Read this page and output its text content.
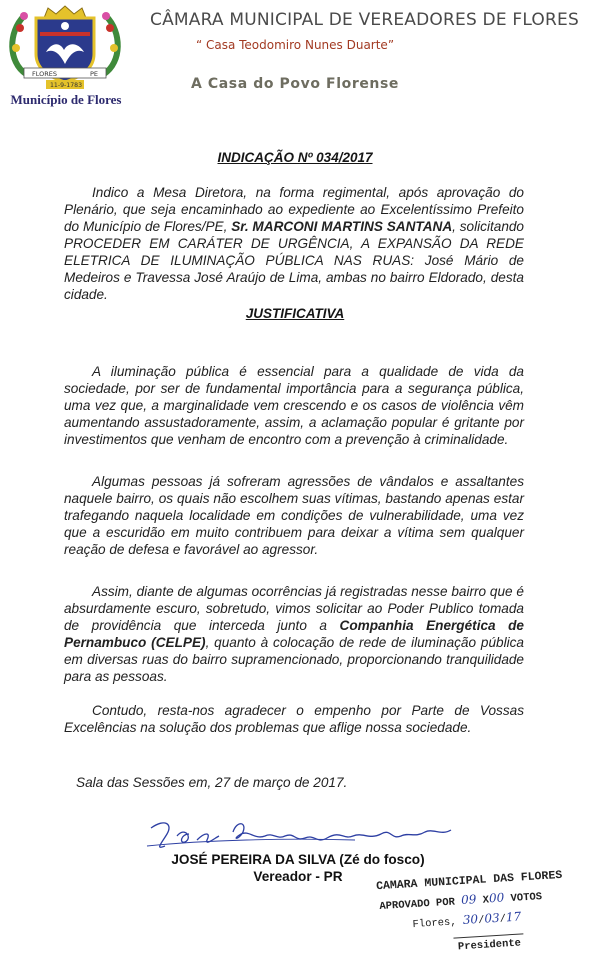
FLORES	PE
11-9-1783
Município de Flores
CÂMARA MUNICIPAL DE VEREADORES DE FLORES
“ Casa Teodomiro Nunes Duarte”
A Casa do Povo Florense
INDICAÇÃO Nº 034/2017

Indico a Mesa Diretora, na forma regimental, após aprovação do Plenário, que seja encaminhado ao expediente ao Excelentíssimo Prefeito do Município de Flores/PE, Sr. MARCONI MARTINS SANTANA, solicitando PROCEDER EM CARÁTER DE URGÊNCIA, A EXPANSÃO DA REDE ELETRICA DE ILUMINAÇÃO PÚBLICA NAS RUAS: José Mário de Medeiros e Travessa José Araújo de Lima, ambas no bairro Eldorado, desta cidade.

JUSTIFICATIVA

A iluminação pública é essencial para a qualidade de vida da sociedade, por ser de fundamental importância para a segurança pública, uma vez que, a marginalidade vem crescendo e os casos de violência vêm aumentando assustadoramente, assim, a aclamação popular é gritante por investimentos que venham de encontro com a prevenção à criminalidade.

Algumas pessoas já sofreram agressões de vândalos e assaltantes naquele bairro, os quais não escolhem suas vítimas, bastando apenas estar trafegando naquela localidade em condições de vulnerabilidade, uma vez que a escuridão em muito contribuem para deixar a vítima sem qualquer reação de defesa e favorável ao agressor.

Assim, diante de algumas ocorrências já registradas nesse bairro que é absurdamente escuro, sobretudo, vimos solicitar ao Poder Publico tomada de providência que interceda junto a Companhia Energética de Pernambuco (CELPE), quanto à colocação de rede de iluminação pública em diversas ruas do bairro supramencionado, proporcionando tranquilidade para as pessoas.

Contudo, resta-nos agradecer o empenho por Parte de Vossas Excelências na solução dos problemas que aflige nossa sociedade.

Sala das Sessões em, 27 de março de 2017.
JOSÉ PEREIRA DA SILVA (Zé do fosco)
Vereador - PR	CAMARA MUNICIPAL DAS FLORES
APROVADO POR 09 X00 VOTOS
Flores, 30/03/17
Presidente
